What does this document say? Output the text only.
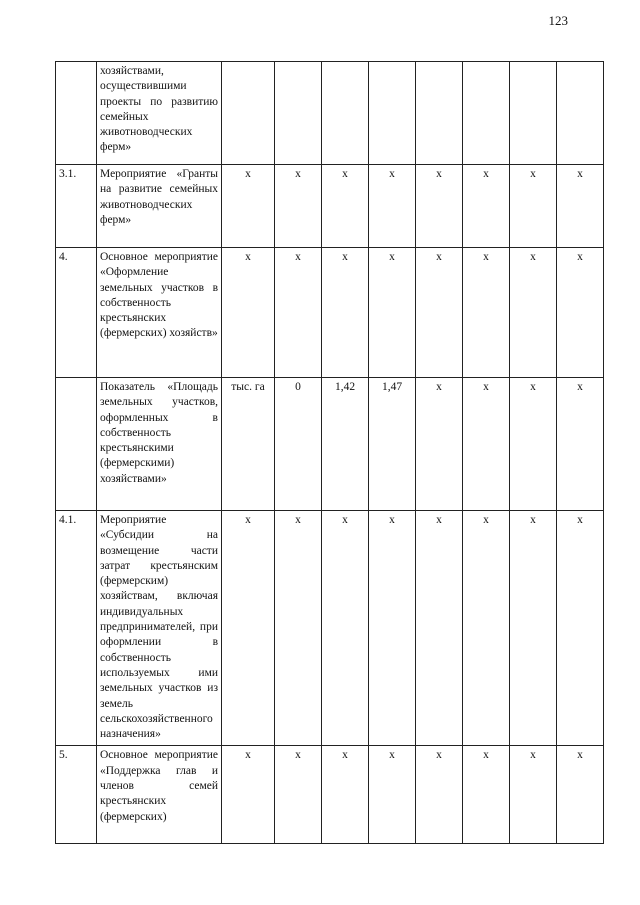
123
	хозяйствами, осуществившими проекты по развитию семейных животноводческих ферм»								
3.1.	Мероприятие «Гранты на развитие семейных животноводческих ферм»	х	х	х	х	х	х	х	х
4.	Основное мероприятие «Оформление земельных участков в собственность крестьянских (фермерских) хозяйств»	х	х	х	х	х	х	х	х
	Показатель «Площадь земельных участков, оформленных в собственность крестьянскими (фермерскими) хозяйствами»	тыс. га	0	1,42	1,47	х	х	х	х
4.1.	Мероприятие «Субсидии на возмещение части затрат крестьянским (фермерским) хозяйствам, включая индивидуальных предпринимателей, при оформлении в собственность используемых ими земельных участков из земель сельскохозяйственного назначения»	х	х	х	х	х	х	х	х
5.	Основное мероприятие «Поддержка глав и членов семей крестьянских (фермерских)	х	х	х	х	х	х	х	х
